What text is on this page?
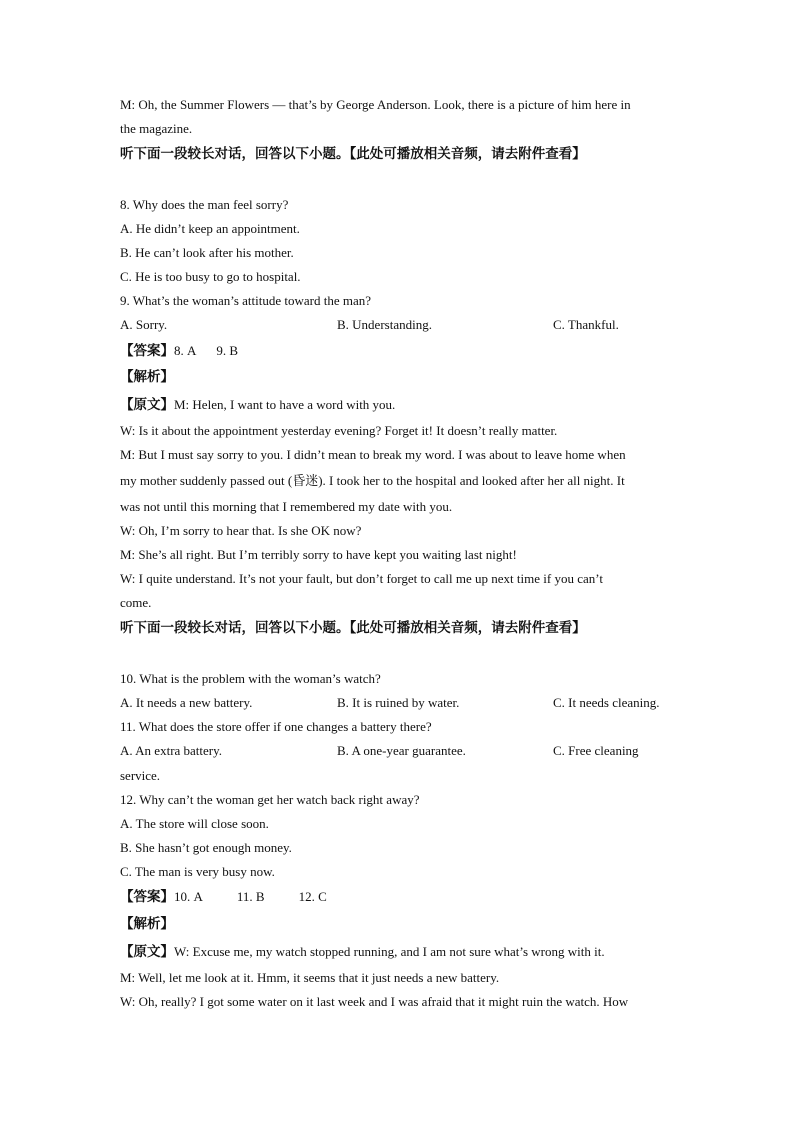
M: Oh, the Summer Flowers — that’s by George Anderson. Look, there is a picture of him here in
the magazine.
听下面一段较长对话，回答以下小题。【此处可播放相关音频，请去附件查看】
8. Why does the man feel sorry?
A. He didn’t keep an appointment.
B. He can’t look after his mother.
C. He is too busy to go to hospital.
9. What’s the woman’s attitude toward the man?
A. Sorry.	B. Understanding.	C. Thankful.
【答案】8. A 9. B
【解析】
【原文】M: Helen, I want to have a word with you.
W: Is it about the appointment yesterday evening? Forget it! It doesn’t really matter.
M: But I must say sorry to you. I didn’t mean to break my word. I was about to leave home when
my mother suddenly passed out (昏迷). I took her to the hospital and looked after her all night. It
was not until this morning that I remembered my date with you.
W: Oh, I’m sorry to hear that. Is she OK now?
M: She’s all right. But I’m terribly sorry to have kept you waiting last night!
W: I quite understand. It’s not your fault, but don’t forget to call me up next time if you can’t
come.
听下面一段较长对话，回答以下小题。【此处可播放相关音频，请去附件查看】
10. What is the problem with the woman’s watch?
A. It needs a new battery.	B. It is ruined by water.	C. It needs cleaning.
11. What does the store offer if one changes a battery there?
A. An extra battery.	B. A one-year guarantee.	C. Free cleaning
service.
12. Why can’t the woman get her watch back right away?
A. The store will close soon.
B. She hasn’t got enough money.
C. The man is very busy now.
【答案】10. A	11. B	12. C
【解析】
【原文】W: Excuse me, my watch stopped running, and I am not sure what’s wrong with it.
M: Well, let me look at it. Hmm, it seems that it just needs a new battery.
W: Oh, really? I got some water on it last week and I was afraid that it might ruin the watch. How
